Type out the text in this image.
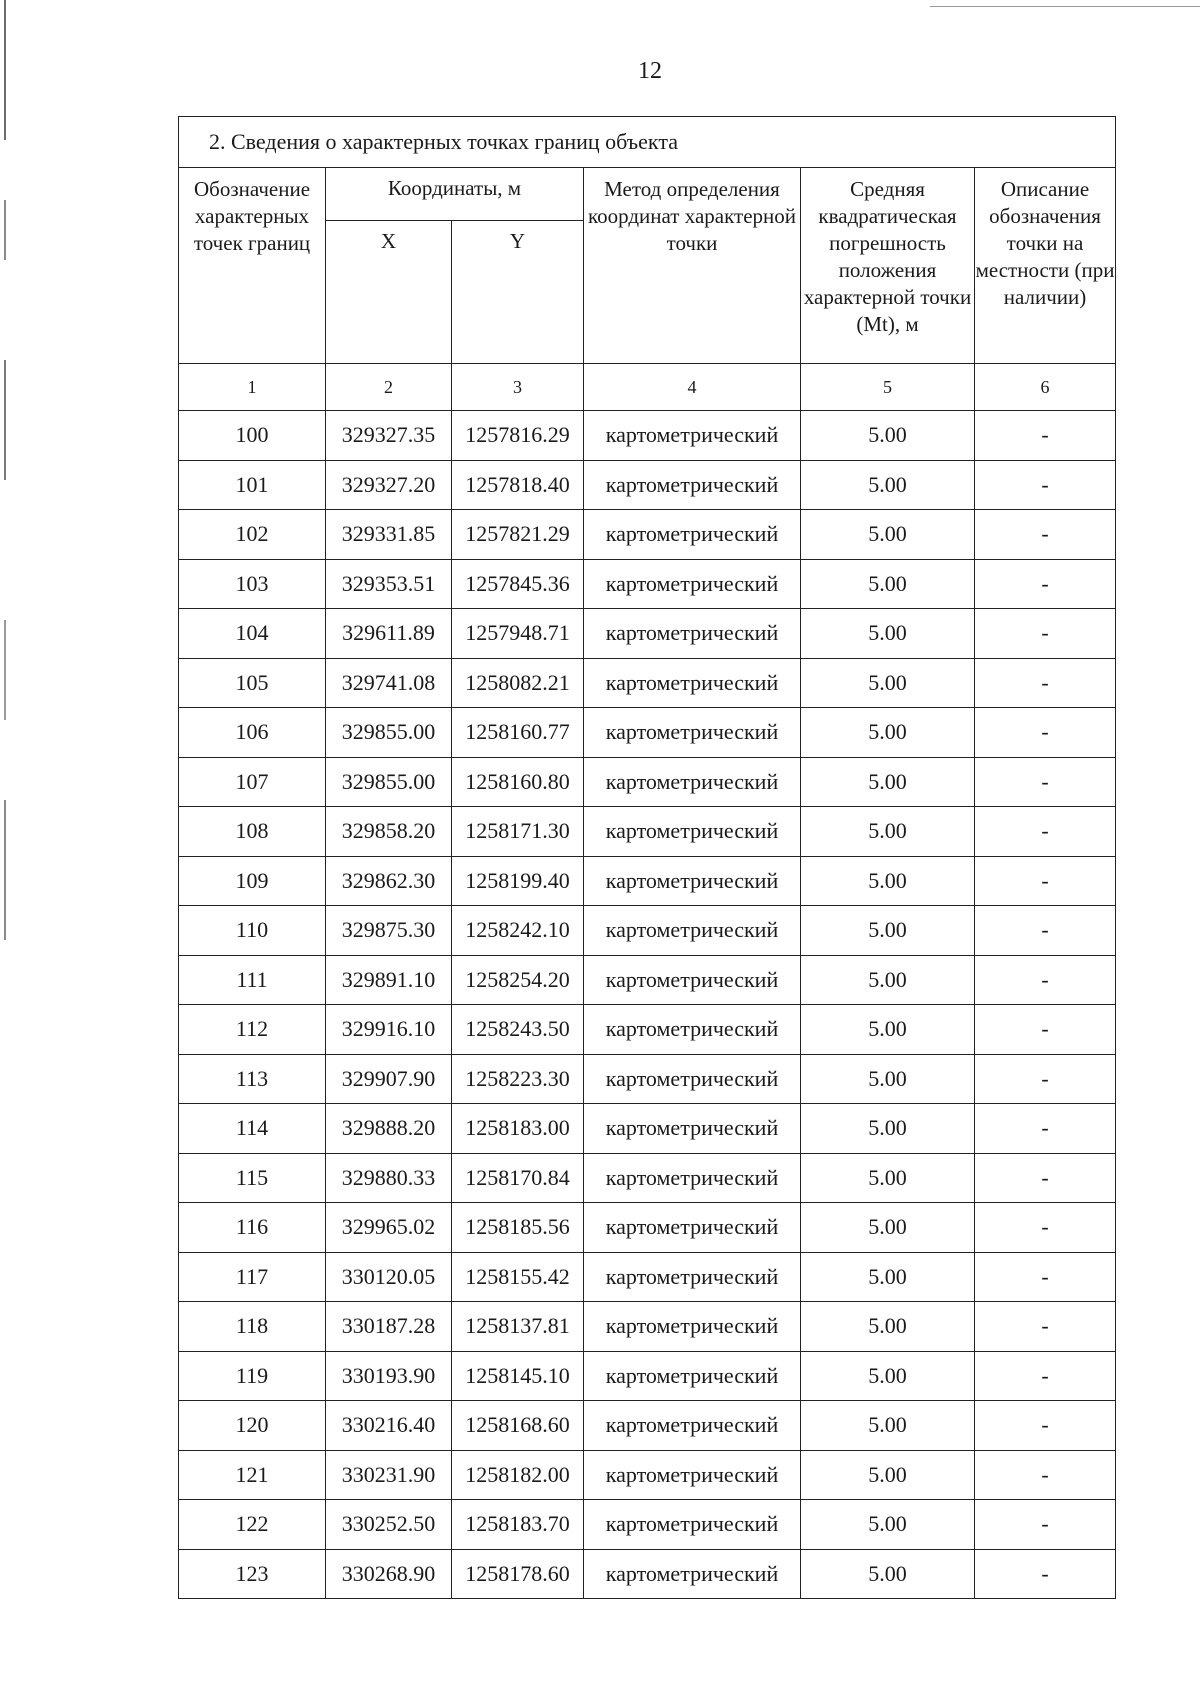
12
2. Сведения о характерных точках границ объекта					
Обозначение характерных точек границ	Координаты, м		Метод определения координат характерной точки	Средняя квадратическая погрешность положения характерной точки (Mt), м	Описание обозначения точки на местности (при наличии)
	X	Y			
1	2	3	4	5	6
100	329327.35	1257816.29	картометрический	5.00	-
101	329327.20	1257818.40	картометрический	5.00	-
102	329331.85	1257821.29	картометрический	5.00	-
103	329353.51	1257845.36	картометрический	5.00	-
104	329611.89	1257948.71	картометрический	5.00	-
105	329741.08	1258082.21	картометрический	5.00	-
106	329855.00	1258160.77	картометрический	5.00	-
107	329855.00	1258160.80	картометрический	5.00	-
108	329858.20	1258171.30	картометрический	5.00	-
109	329862.30	1258199.40	картометрический	5.00	-
110	329875.30	1258242.10	картометрический	5.00	-
111	329891.10	1258254.20	картометрический	5.00	-
112	329916.10	1258243.50	картометрический	5.00	-
113	329907.90	1258223.30	картометрический	5.00	-
114	329888.20	1258183.00	картометрический	5.00	-
115	329880.33	1258170.84	картометрический	5.00	-
116	329965.02	1258185.56	картометрический	5.00	-
117	330120.05	1258155.42	картометрический	5.00	-
118	330187.28	1258137.81	картометрический	5.00	-
119	330193.90	1258145.10	картометрический	5.00	-
120	330216.40	1258168.60	картометрический	5.00	-
121	330231.90	1258182.00	картометрический	5.00	-
122	330252.50	1258183.70	картометрический	5.00	-
123	330268.90	1258178.60	картометрический	5.00	-
